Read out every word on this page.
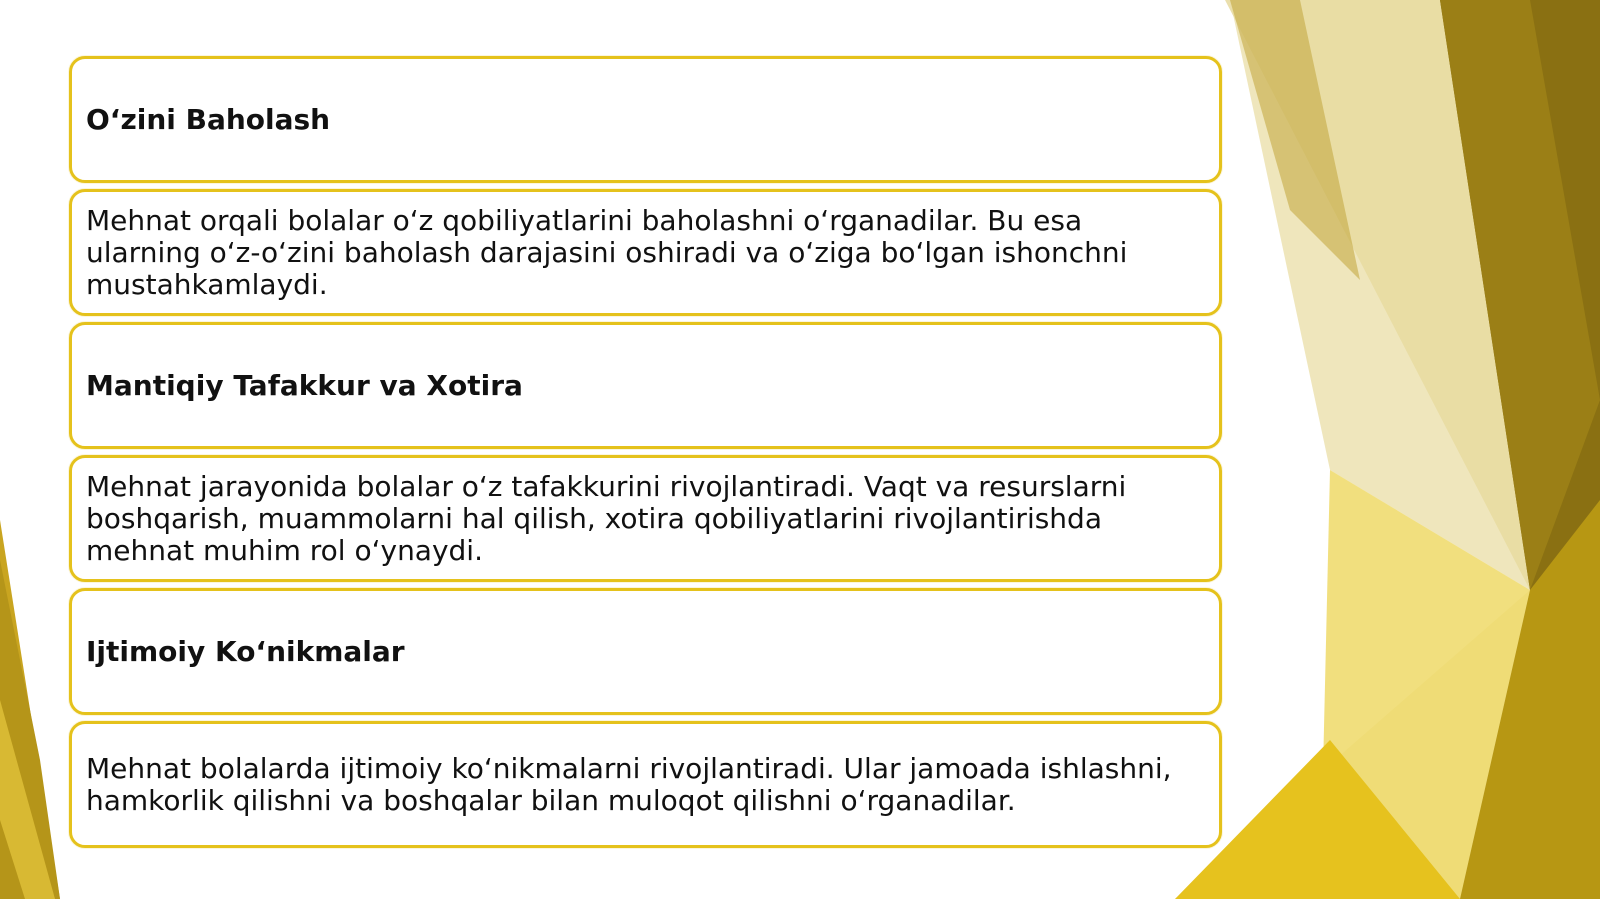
O‘zini Baholash
Mehnat orqali bolalar o‘z qobiliyatlarini baholashni o‘rganadilar. Bu esa ularning o‘z-o‘zini baholash darajasini oshiradi va o‘ziga bo‘lgan ishonchni mustahkamlaydi.
Mantiqiy Tafakkur va Xotira
Mehnat jarayonida bolalar o‘z tafakkurini rivojlantiradi. Vaqt va resurslarni boshqarish, muammolarni hal qilish, xotira qobiliyatlarini rivojlantirishda mehnat muhim rol o‘ynaydi.
Ijtimoiy Ko‘nikmalar
Mehnat bolalarda ijtimoiy ko‘nikmalarni rivojlantiradi. Ular jamoada ishlashni, hamkorlik qilishni va boshqalar bilan muloqot qilishni o‘rganadilar.
